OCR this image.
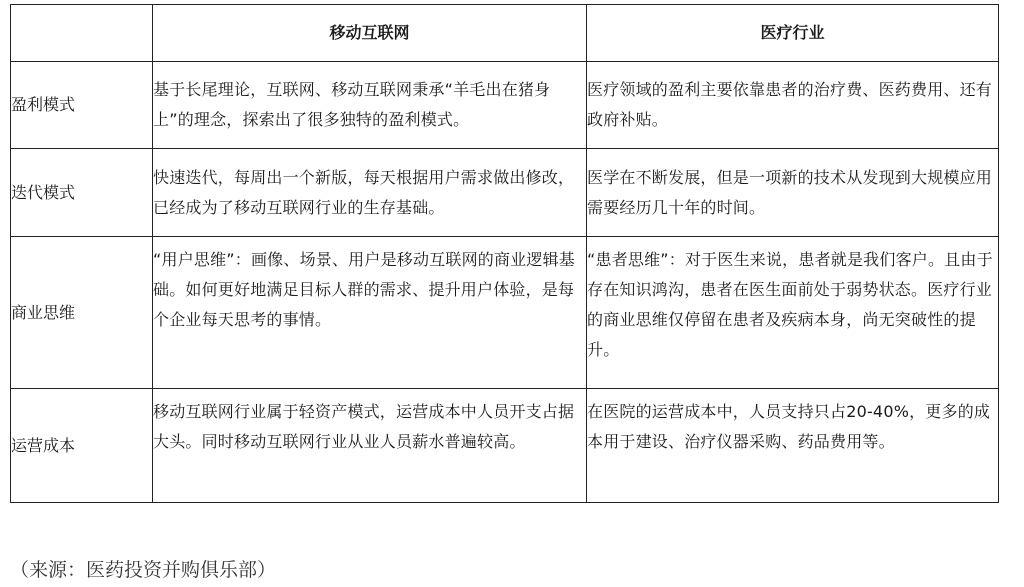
	移动互联网	医疗行业
盈利模式	基于长尾理论，互联网、移动互联网秉承“羊毛出在猪身上”的理念，探索出了很多独特的盈利模式。	医疗领域的盈利主要依靠患者的治疗费、医药费用、还有政府补贴。

迭代模式	快速迭代，每周出一个新版，每天根据用户需求做出修改，已经成为了移动互联网行业的生存基础。	医学在不断发展，但是一项新的技术从发现到大规模应用需要经历几十年的时间。

商业思维	“用户思维”：画像、场景、用户是移动互联网的商业逻辑基础。如何更好地满足目标人群的需求、提升用户体验，是每个企业每天思考的事情。	“患者思维”：对于医生来说，患者就是我们客户。且由于存在知识鸿沟，患者在医生面前处于弱势状态。医疗行业的商业思维仅停留在患者及疾病本身，尚无突破性的提升。

运营成本	移动互联网行业属于轻资产模式，运营成本中人员开支占据大头。同时移动互联网行业从业人员薪水普遍较高。	在医院的运营成本中，人员支持只占20-40%，更多的成本用于建设、治疗仪器采购、药品费用等。
（来源：医药投资并购俱乐部）
